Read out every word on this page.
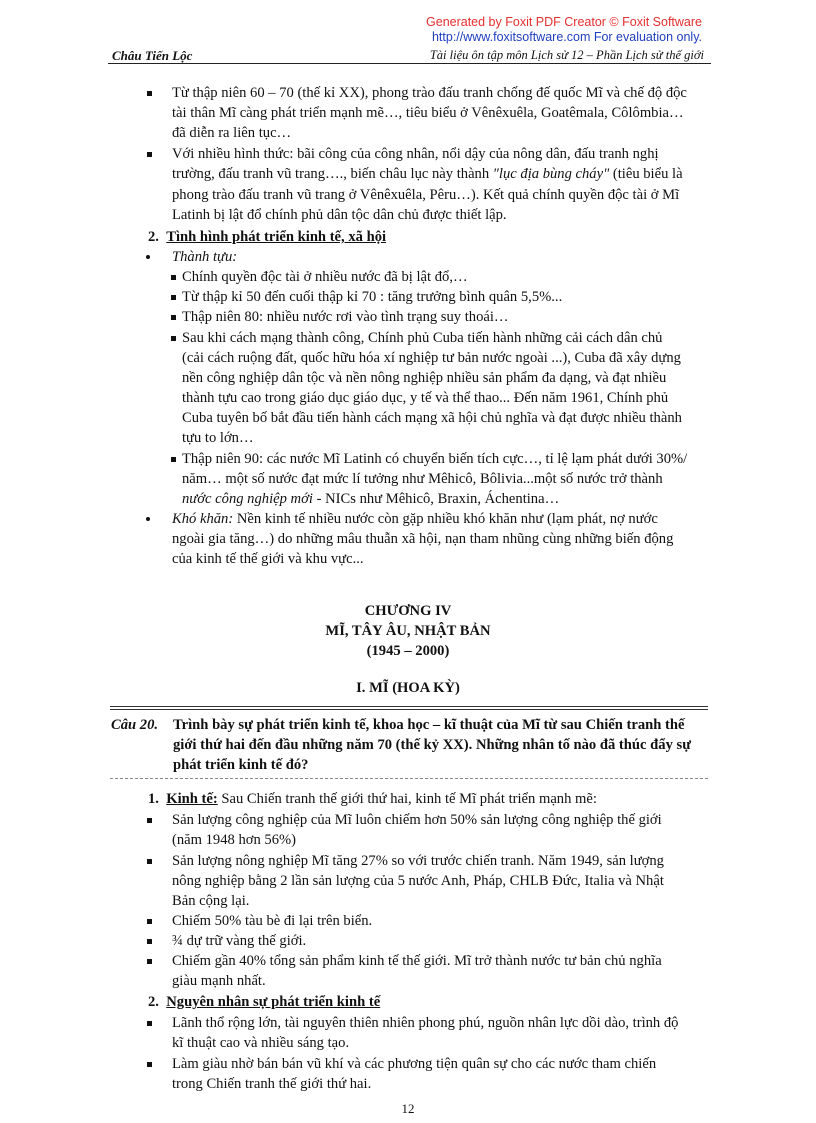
Generated by Foxit PDF Creator © Foxit Software
http://www.foxitsoftware.com For evaluation only.
Châu Tiến Lộc	Tài liệu ôn tập môn Lịch sử 12 – Phần Lịch sử thế giới
Từ thập niên 60 – 70 (thế kỉ XX), phong trào đấu tranh chống đế quốc Mĩ và chế độ độc
tài thân Mĩ càng phát triển mạnh mẽ…, tiêu biểu ở Vênêxuêla, Goatêmala, Côlômbia…
đã diễn ra liên tục…
Với nhiều hình thức: bãi công của công nhân, nổi dậy của nông dân, đấu tranh nghị
trường, đấu tranh vũ trang…., biến châu lục này thành "lục địa bùng cháy" (tiêu biểu là
phong trào đấu tranh vũ trang ở Vênêxuêla, Pêru…). Kết quả chính quyền độc tài ở Mĩ
Latinh bị lật đổ chính phủ dân tộc dân chủ được thiết lập.
2. Tình hình phát triển kinh tế, xã hội
Thành tựu:
Chính quyền độc tài ở nhiều nước đã bị lật đổ,…
Từ thập kỉ 50 đến cuối thập kỉ 70 : tăng trưởng bình quân 5,5%...
Thập niên 80: nhiều nước rơi vào tình trạng suy thoái…
Sau khi cách mạng thành công, Chính phủ Cuba tiến hành những cải cách dân chủ
(cải cách ruộng đất, quốc hữu hóa xí nghiệp tư bản nước ngoài ...), Cuba đã xây dựng
nền công nghiệp dân tộc và nền nông nghiệp nhiều sản phẩm đa dạng, và đạt nhiều
thành tựu cao trong giáo dục giáo dục, y tế và thể thao... Đến năm 1961, Chính phủ
Cuba tuyên bố bắt đầu tiến hành cách mạng xã hội chủ nghĩa và đạt được nhiều thành
tựu to lớn…
Thập niên 90: các nước Mĩ Latinh có chuyển biến tích cực…, tỉ lệ lạm phát dưới 30%/
năm… một số nước đạt mức lí tưởng như Mêhicô, Bôlivia...một số nước trở thành
nước công nghiệp mới - NICs như Mêhicô, Braxin, Áchentina…
Khó khăn: Nền kinh tế nhiều nước còn gặp nhiều khó khăn như (lạm phát, nợ nước
ngoài gia tăng…) do những mâu thuẫn xã hội, nạn tham nhũng cùng những biến động
của kinh tế thế giới và khu vực...
CHƯƠNG IV
MĨ, TÂY ÂU, NHẬT BẢN
(1945 – 2000)
I. MĨ (HOA KỲ)
Câu 20. Trình bày sự phát triển kinh tế, khoa học – kĩ thuật của Mĩ từ sau Chiến tranh thế
giới thứ hai đến đầu những năm 70 (thế kỷ XX). Những nhân tố nào đã thúc đẩy sự
phát triển kinh tế đó?
1. Kinh tế: Sau Chiến tranh thế giới thứ hai, kinh tế Mĩ phát triển mạnh mẽ:
Sản lượng công nghiệp của Mĩ luôn chiếm hơn 50% sản lượng công nghiệp thế giới
(năm 1948 hơn 56%)
Sản lượng nông nghiệp Mĩ tăng 27% so với trước chiến tranh. Năm 1949, sản lượng
nông nghiệp bằng 2 lần sản lượng của 5 nước Anh, Pháp, CHLB Đức, Italia và Nhật
Bản cộng lại.
Chiếm 50% tàu bè đi lại trên biển.
¾ dự trữ vàng thế giới.
Chiếm gần 40% tổng sản phẩm kinh tế thế giới. Mĩ trở thành nước tư bản chủ nghĩa
giàu mạnh nhất.
2. Nguyên nhân sự phát triển kinh tế
Lãnh thổ rộng lớn, tài nguyên thiên nhiên phong phú, nguồn nhân lực dồi dào, trình độ
kĩ thuật cao và nhiều sáng tạo.
Làm giàu nhờ bán bán vũ khí và các phương tiện quân sự cho các nước tham chiến
trong Chiến tranh thế giới thứ hai.
12
